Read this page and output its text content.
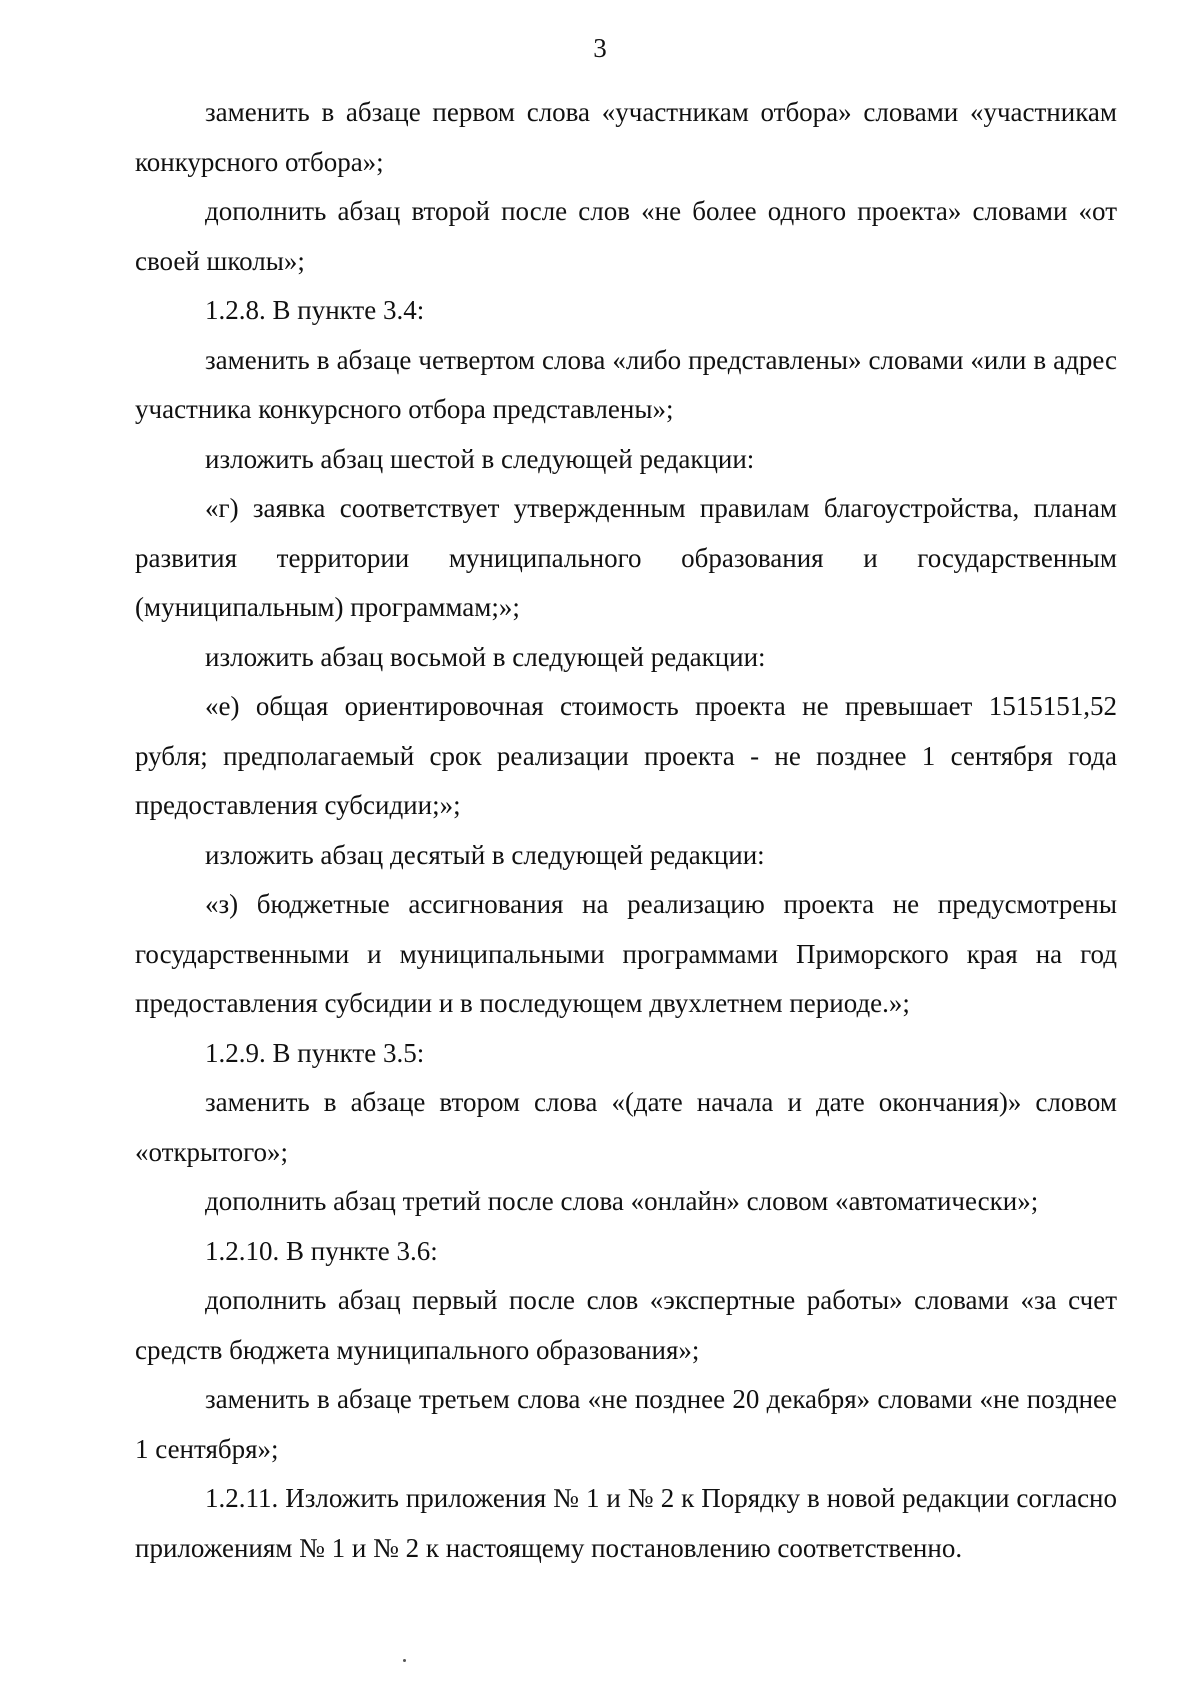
3

заменить в абзаце первом слова «участникам отбора» словами «участникам конкурсного отбора»;

дополнить абзац второй после слов «не более одного проекта» словами «от своей школы»;

1.2.8. В пункте 3.4:

заменить в абзаце четвертом слова «либо представлены» словами «или в адрес участника конкурсного отбора представлены»;

изложить абзац шестой в следующей редакции:

«г) заявка соответствует утвержденным правилам благоустройства, планам развития территории муниципального образования и государственным (муниципальным) программам;»;

изложить абзац восьмой в следующей редакции:

«е) общая ориентировочная стоимость проекта не превышает 1515151,52 рубля; предполагаемый срок реализации проекта - не позднее 1 сентября года предоставления субсидии;»;

изложить абзац десятый в следующей редакции:

«з) бюджетные ассигнования на реализацию проекта не предусмотрены государственными и муниципальными программами Приморского края на год предоставления субсидии и в последующем двухлетнем периоде.»;

1.2.9. В пункте 3.5:

заменить в абзаце втором слова «(дате начала и дате окончания)» словом «открытого»;

дополнить абзац третий после слова «онлайн» словом «автоматически»;

1.2.10. В пункте 3.6:

дополнить абзац первый после слов «экспертные работы» словами «за счет средств бюджета муниципального образования»;

заменить в абзаце третьем слова «не позднее 20 декабря» словами «не позднее 1 сентября»;

1.2.11. Изложить приложения № 1 и № 2 к Порядку в новой редакции согласно приложениям № 1 и № 2 к настоящему постановлению соответственно.
